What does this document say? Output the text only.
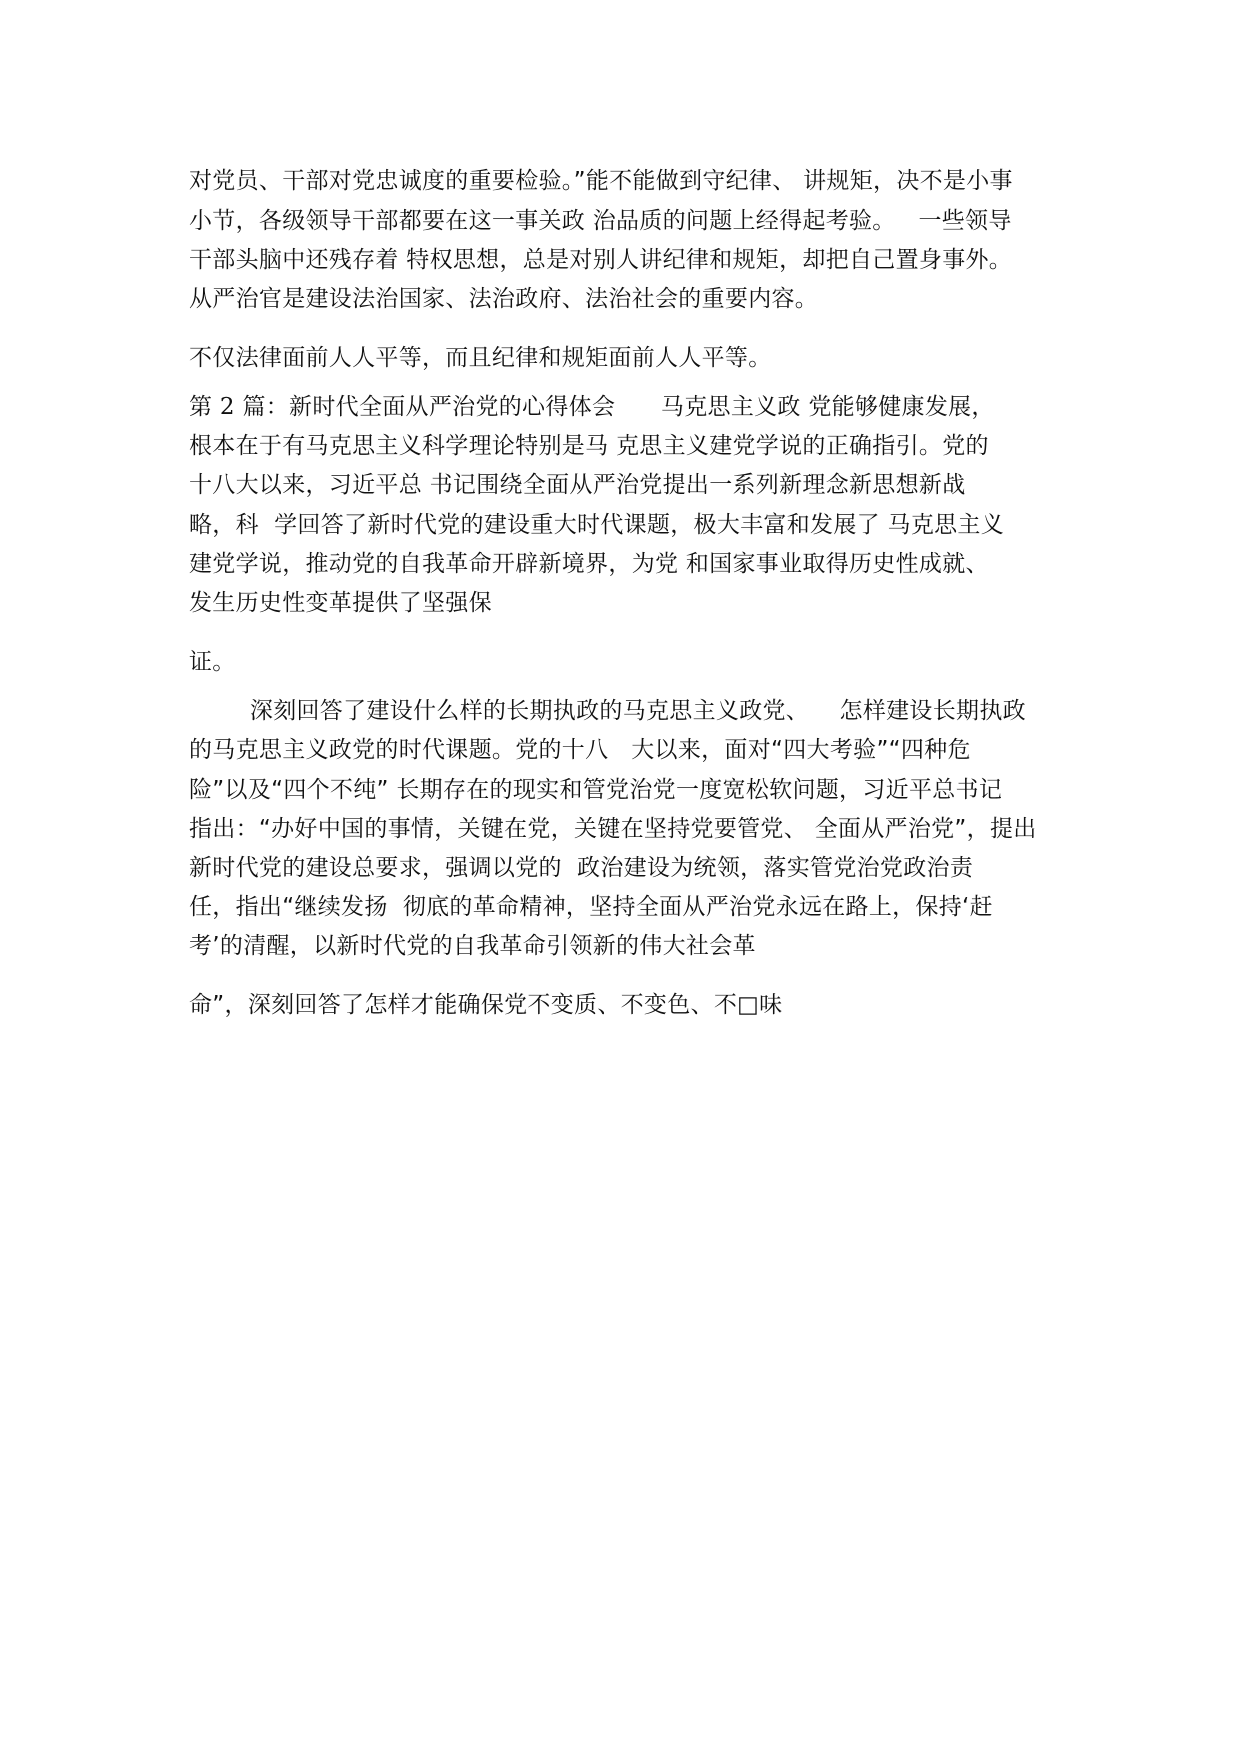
对党员、干部对党忠诚度的重要检验。”能不能做到守纪律、 讲规矩，决不是小事
小节，各级领导干部都要在这一事关政 治品质的问题上经得起考验。   一些领导
干部头脑中还残存着 特权思想，总是对别人讲纪律和规矩，却把自己置身事外。
从严治官是建设法治国家、法治政府、法治社会的重要内容。
不仅法律面前人人平等，而且纪律和规矩面前人人平等。
第 2 篇：新时代全面从严治党的心得体会      马克思主义政 党能够健康发展，
根本在于有马克思主义科学理论特别是马 克思主义建党学说的正确指引。党的
十八大以来，习近平总 书记围绕全面从严治党提出一系列新理念新思想新战
略，科  学回答了新时代党的建设重大时代课题，极大丰富和发展了 马克思主义
建党学说，推动党的自我革命开辟新境界，为党 和国家事业取得历史性成就、
发生历史性变革提供了坚强保
证。
深刻回答了建设什么样的长期执政的马克思主义政党、    怎样建设长期执政
的马克思主义政党的时代课题。党的十八   大以来，面对“四大考验”“四种危
险”以及“四个不纯” 长期存在的现实和管党治党一度宽松软问题，习近平总书记
指出：“办好中国的事情，关键在党，关键在坚持党要管党、 全面从严治党”，提出
新时代党的建设总要求，强调以党的  政治建设为统领，落实管党治党政治责
任，指出“继续发扬  彻底的革命精神，坚持全面从严治党永远在路上，保持‘赶
考’的清醒，以新时代党的自我革命引领新的伟大社会革
命”，深刻回答了怎样才能确保党不变质、不变色、不□味
